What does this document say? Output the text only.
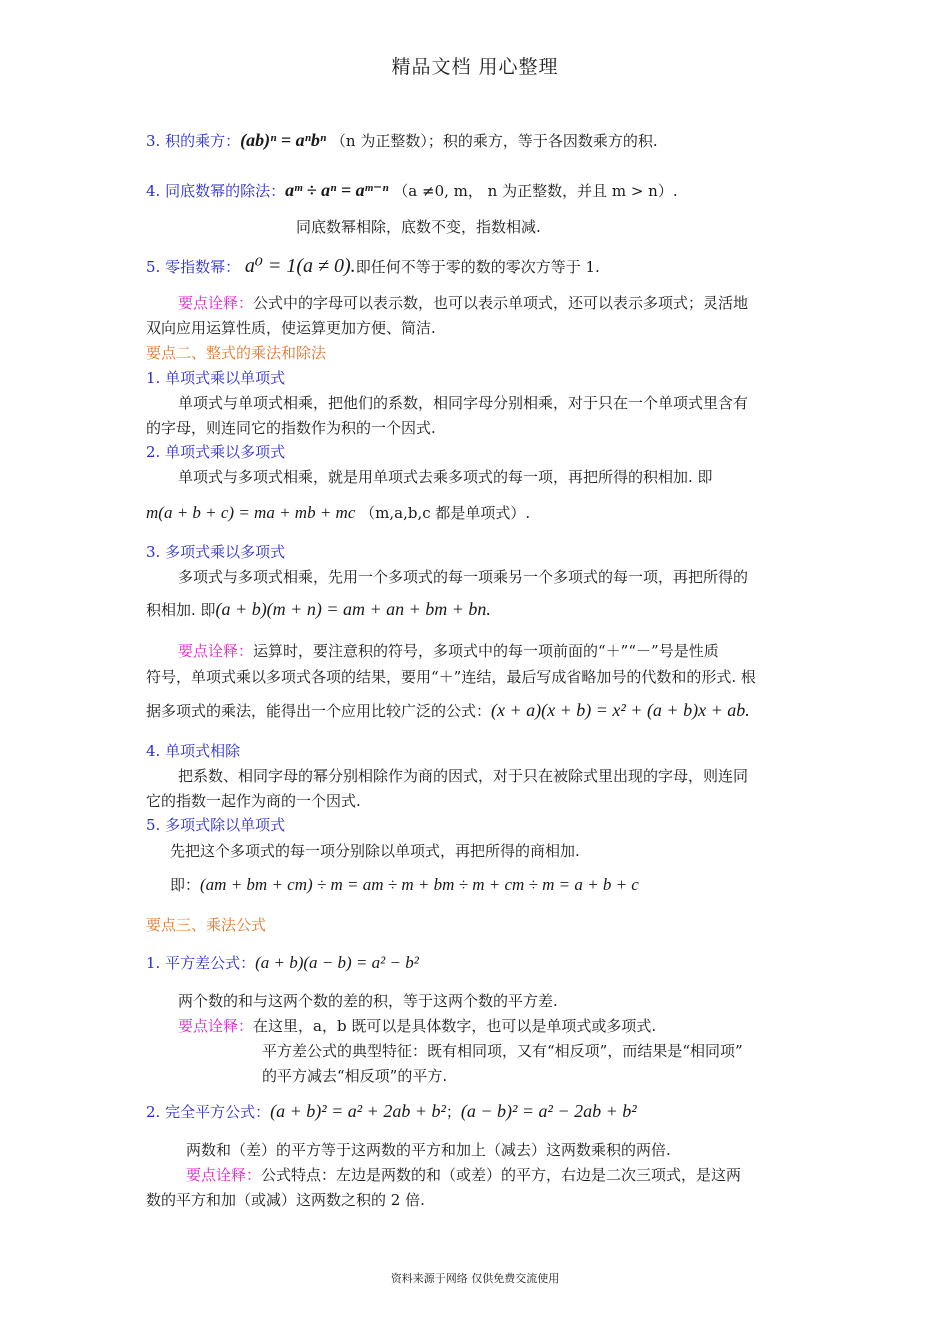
精品文档 用心整理
3. 积的乘方：(ab)ⁿ = aⁿbⁿ （n 为正整数）；积的乘方，等于各因数乘方的积.
4. 同底数幂的除法：aᵐ ÷ aⁿ = aᵐ⁻ⁿ （a ≠0, m， n 为正整数，并且 m > n）.
同底数幂相除，底数不变，指数相减.
5. 零指数幂： a⁰ = 1(a ≠ 0).即任何不等于零的数的零次方等于 1.
要点诠释：公式中的字母可以表示数，也可以表示单项式，还可以表示多项式；灵活地
双向应用运算性质，使运算更加方便、简洁.
要点二、整式的乘法和除法
1. 单项式乘以单项式
单项式与单项式相乘，把他们的系数，相同字母分别相乘，对于只在一个单项式里含有
的字母，则连同它的指数作为积的一个因式.
2. 单项式乘以多项式
单项式与多项式相乘，就是用单项式去乘多项式的每一项，再把所得的积相加. 即
m(a + b + c) = ma + mb + mc （m,a,b,c 都是单项式）.
3. 多项式乘以多项式
多项式与多项式相乘，先用一个多项式的每一项乘另一个多项式的每一项，再把所得的
积相加. 即(a + b)(m + n) = am + an + bm + bn.
要点诠释：运算时，要注意积的符号，多项式中的每一项前面的“＋”“－”号是性质
符号，单项式乘以多项式各项的结果，要用“＋”连结，最后写成省略加号的代数和的形式. 根
据多项式的乘法，能得出一个应用比较广泛的公式：(x + a)(x + b) = x² + (a + b)x + ab.
4. 单项式相除
把系数、相同字母的幂分别相除作为商的因式，对于只在被除式里出现的字母，则连同
它的指数一起作为商的一个因式.
5. 多项式除以单项式
先把这个多项式的每一项分别除以单项式，再把所得的商相加.
即：(am + bm + cm) ÷ m = am ÷ m + bm ÷ m + cm ÷ m = a + b + c
要点三、乘法公式
1. 平方差公式：(a + b)(a − b) = a² − b²
两个数的和与这两个数的差的积，等于这两个数的平方差.
要点诠释：在这里，a，b 既可以是具体数字，也可以是单项式或多项式.
平方差公式的典型特征：既有相同项，又有“相反项”，而结果是“相同项”
的平方减去“相反项”的平方.
2. 完全平方公式：(a + b)² = a² + 2ab + b²；(a − b)² = a² − 2ab + b²
两数和（差）的平方等于这两数的平方和加上（减去）这两数乘积的两倍.
要点诠释：公式特点：左边是两数的和（或差）的平方，右边是二次三项式，是这两
数的平方和加（或减）这两数之积的 2 倍.
资料来源于网络 仅供免费交流使用
